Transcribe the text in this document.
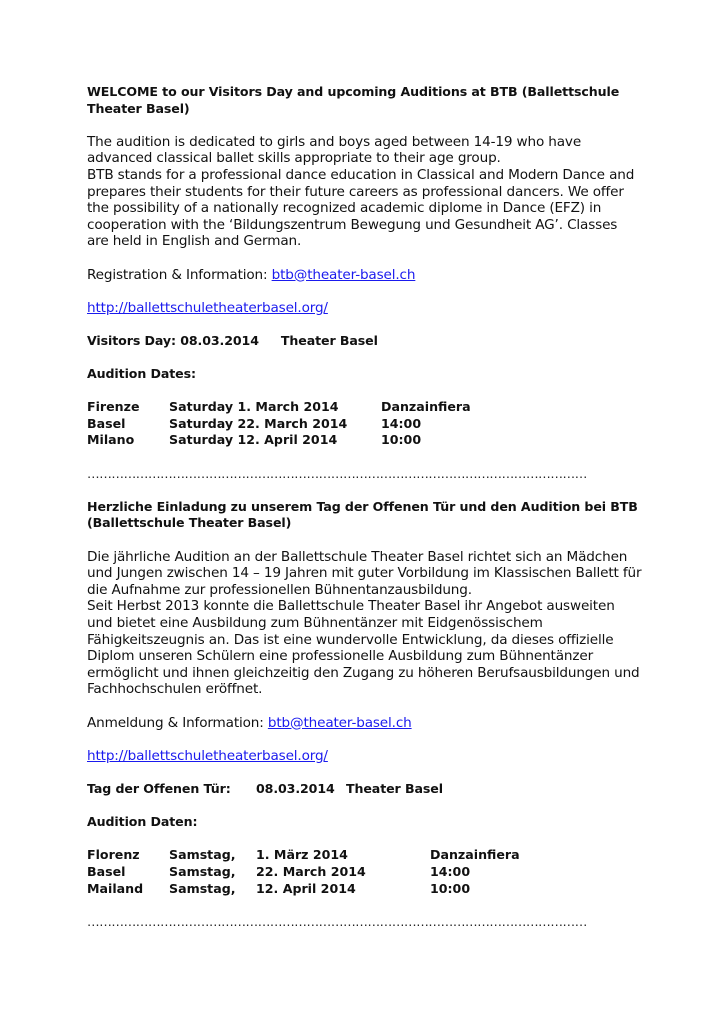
WELCOME to our Visitors Day and upcoming Auditions at BTB (Ballettschule Theater Basel)

The audition is dedicated to girls and boys aged between 14-19 who have advanced classical ballet skills appropriate to their age group.

BTB stands for a professional dance education in Classical and Modern Dance and prepares their students for their future careers as professional dancers. We offer the possibility of a nationally recognized academic diplome in Dance (EFZ) in cooperation with the ‘Bildungszentrum Bewegung und Gesundheit AG’. Classes are held in English and German.

Registration & Information: btb@theater-basel.ch

http://ballettschuletheaterbasel.org/

Visitors Day: 08.03.2014 Theater Basel

Audition Dates:

Firenze	Saturday 1. March 2014	Danzainfiera
Basel	Saturday 22. March 2014	14:00
Milano	Saturday 12. April 2014	10:00
……………………………………………………………………………………………………………

Herzliche Einladung zu unserem Tag der Offenen Tür und den Audition bei BTB (Ballettschule Theater Basel)

Die jährliche Audition an der Ballettschule Theater Basel richtet sich an Mädchen und Jungen zwischen 14 – 19 Jahren mit guter Vorbildung im Klassischen Ballett für die Aufnahme zur professionellen Bühnentanzausbildung.

Seit Herbst 2013 konnte die Ballettschule Theater Basel ihr Angebot ausweiten und bietet eine Ausbildung zum Bühnentänzer mit Eidgenössischem Fähigkeitszeugnis an. Das ist eine wundervolle Entwicklung, da dieses offizielle Diplom unseren Schülern eine professionelle Ausbildung zum Bühnentänzer ermöglicht und ihnen gleichzeitig den Zugang zu höheren Berufsausbildungen und Fachhochschulen eröffnet.

Anmeldung & Information: btb@theater-basel.ch

http://ballettschuletheaterbasel.org/

Tag der Offenen Tür: 08.03.2014 Theater Basel

Audition Daten:

Florenz	Samstag,	1. März 2014	Danzainfiera
Basel	Samstag,	22. March 2014	14:00
Mailand	Samstag,	12. April 2014	10:00
……………………………………………………………………………………………………………
